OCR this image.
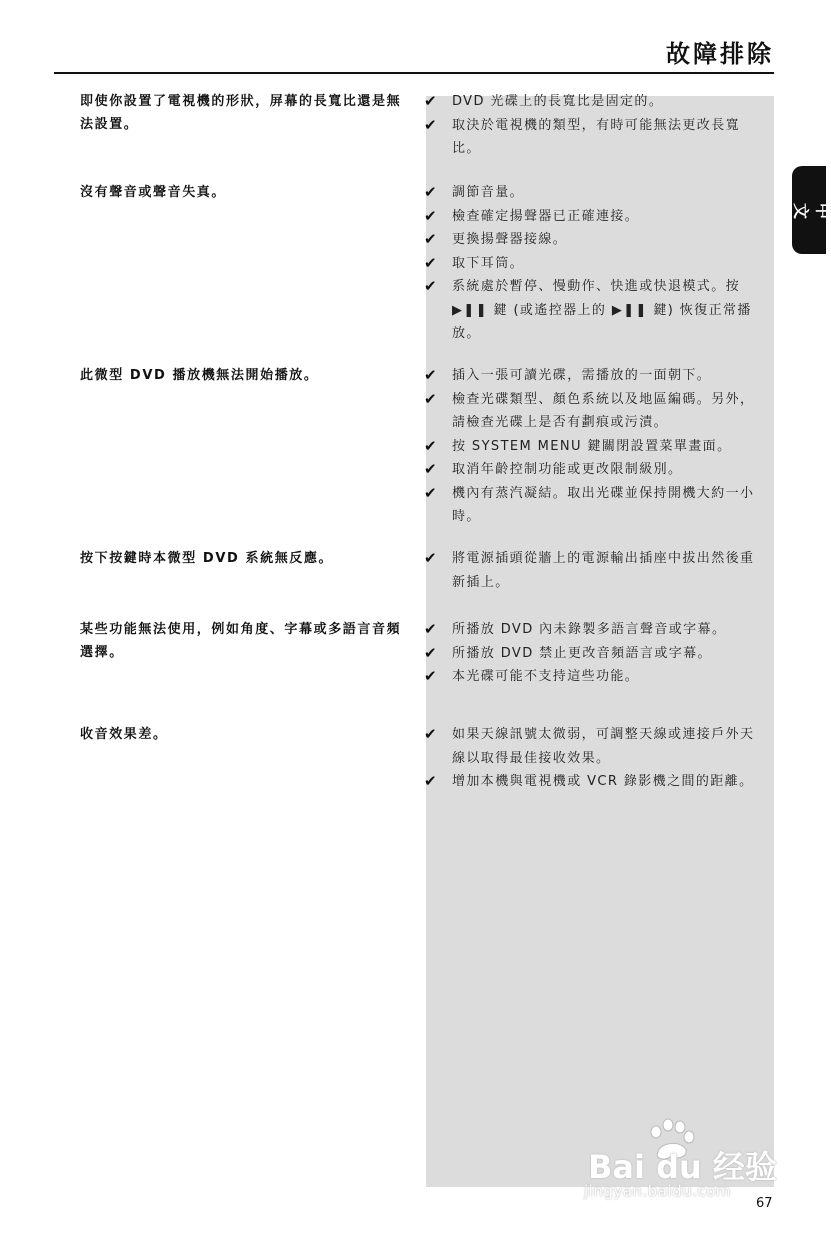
故障排除
中文
即使你設置了電視機的形狀，屏幕的長寬比還是無法設置。
✔ DVD 光碟上的長寬比是固定的。
✔ 取決於電視機的類型，有時可能無法更改長寬比。
沒有聲音或聲音失真。	✔ 調節音量。
✔ 檢查確定揚聲器已正確連接。
✔ 更換揚聲器接線。
✔ 取下耳筒。
✔ 系統處於暫停、慢動作、快進或快退模式。按 ▶❚❚ 鍵 (或遙控器上的 ▶❚❚ 鍵) 恢復正常播放。
此微型 DVD 播放機無法開始播放。	✔ 插入一張可讀光碟，需播放的一面朝下。
✔ 檢查光碟類型、顏色系統以及地區編碼。另外，請檢查光碟上是否有劃痕或污漬。
✔ 按 SYSTEM MENU 鍵關閉設置菜單畫面。
✔ 取消年齡控制功能或更改限制級別。
✔ 機內有蒸汽凝結。取出光碟並保持開機大約一小時。
按下按鍵時本微型 DVD 系統無反應。	✔ 將電源插頭從牆上的電源輸出插座中拔出然後重新插上。
某些功能無法使用，例如角度、字幕或多語言音頻選擇。
✔ 所播放 DVD 內未錄製多語言聲音或字幕。
✔ 所播放 DVD 禁止更改音頻語言或字幕。
✔ 本光碟可能不支持這些功能。
收音效果差。	✔ 如果天線訊號太微弱，可調整天線或連接戶外天線以取得最佳接收效果。
✔ 增加本機與電視機或 VCR 錄影機之間的距離。
Bai du 经验
jingyan.baidu.com
67
